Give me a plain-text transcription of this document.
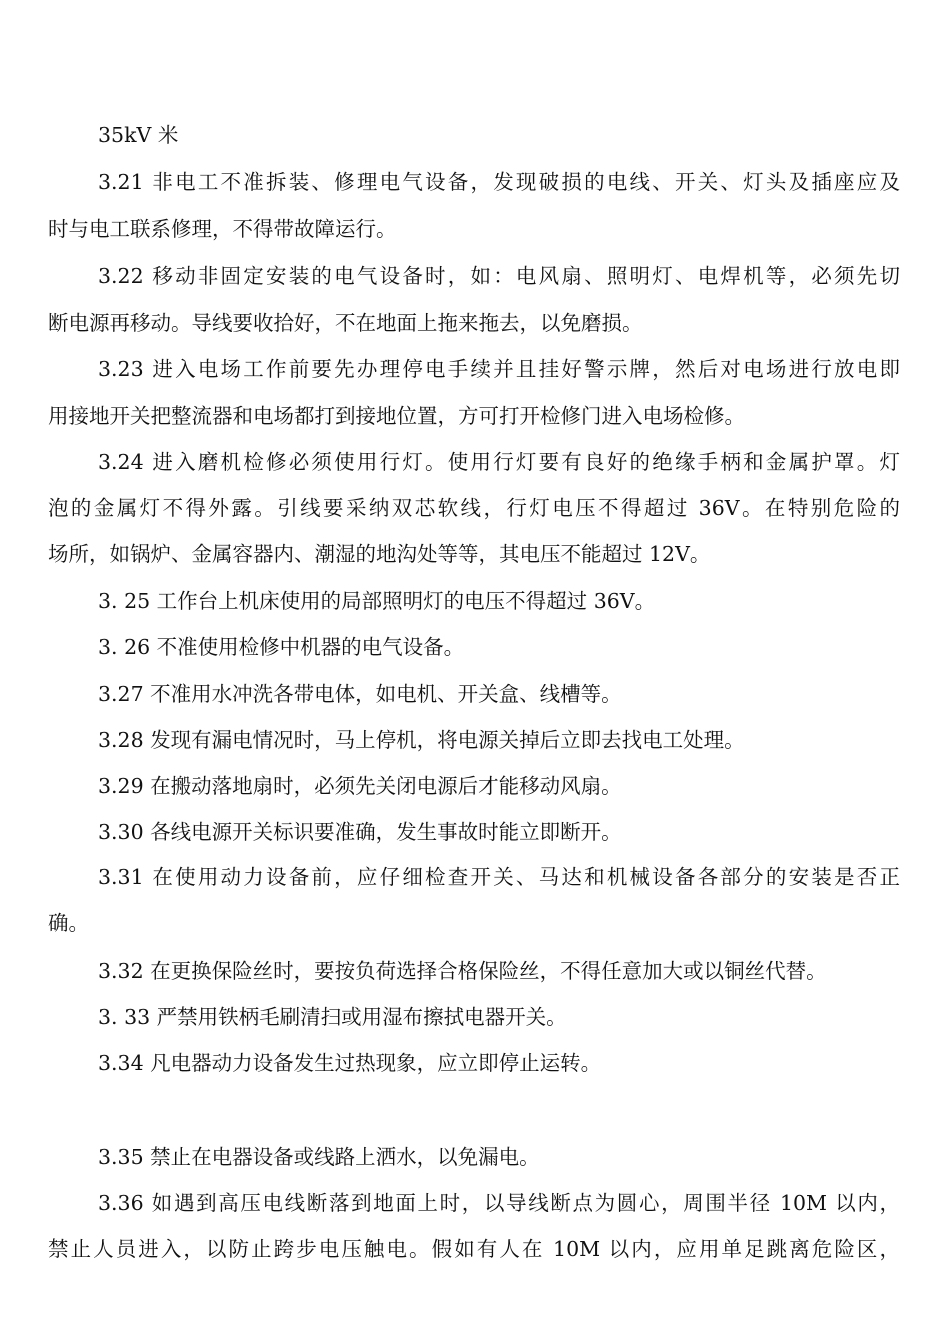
35kV 米
3.21 非电工不准拆装、修理电气设备，发现破损的电线、开关、灯头及插座应及
时与电工联系修理，不得带故障运行。
3.22 移动非固定安装的电气设备时，如：电风扇、照明灯、电焊机等，必须先切
断电源再移动。导线要收拾好，不在地面上拖来拖去，以免磨损。
3.23 进入电场工作前要先办理停电手续并且挂好警示牌，然后对电场进行放电即
用接地开关把整流器和电场都打到接地位置，方可打开检修门进入电场检修。
3.24 进入磨机检修必须使用行灯。使用行灯要有良好的绝缘手柄和金属护罩。灯
泡的金属灯不得外露。引线要采纳双芯软线，行灯电压不得超过 36V。在特别危险的
场所，如锅炉、金属容器内、潮湿的地沟处等等，其电压不能超过 12V。
3. 25 工作台上机床使用的局部照明灯的电压不得超过 36V。
3. 26 不准使用检修中机器的电气设备。
3.27 不准用水冲洗各带电体，如电机、开关盒、线槽等。
3.28 发现有漏电情况时，马上停机，将电源关掉后立即去找电工处理。
3.29 在搬动落地扇时，必须先关闭电源后才能移动风扇。
3.30 各线电源开关标识要准确，发生事故时能立即断开。
3.31 在使用动力设备前，应仔细检查开关、马达和机械设备各部分的安装是否正
确。
3.32 在更换保险丝时，要按负荷选择合格保险丝，不得任意加大或以铜丝代替。
3. 33 严禁用铁柄毛刷清扫或用湿布擦拭电器开关。
3.34 凡电器动力设备发生过热现象，应立即停止运转。
3.35 禁止在电器设备或线路上洒水，以免漏电。
3.36 如遇到高压电线断落到地面上时，以导线断点为圆心，周围半径 10M 以内，
禁止人员进入，以防止跨步电压触电。假如有人在 10M 以内，应用单足跳离危险区，
